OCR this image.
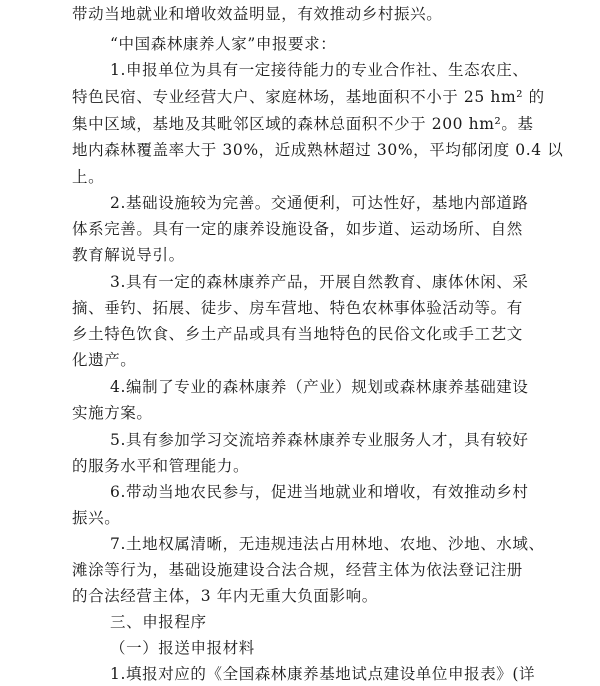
带动当地就业和增收效益明显，有效推动乡村振兴。
“中国森林康养人家”申报要求：
1.申报单位为具有一定接待能力的专业合作社、生态农庄、
特色民宿、专业经营大户、家庭林场，基地面积不小于 25 hm² 的
集中区域，基地及其毗邻区域的森林总面积不少于 200 hm²。基
地内森林覆盖率大于 30%，近成熟林超过 30%，平均郁闭度 0.4 以
上。
2.基础设施较为完善。交通便利，可达性好，基地内部道路
体系完善。具有一定的康养设施设备，如步道、运动场所、自然
教育解说导引。
3.具有一定的森林康养产品，开展自然教育、康体休闲、采
摘、垂钓、拓展、徒步、房车营地、特色农林事体验活动等。有
乡土特色饮食、乡土产品或具有当地特色的民俗文化或手工艺文
化遗产。
4.编制了专业的森林康养（产业）规划或森林康养基础建设
实施方案。
5.具有参加学习交流培养森林康养专业服务人才，具有较好
的服务水平和管理能力。
6.带动当地农民参与，促进当地就业和增收，有效推动乡村
振兴。
7.土地权属清晰，无违规违法占用林地、农地、沙地、水域、
滩涂等行为，基础设施建设合法合规，经营主体为依法登记注册
的合法经营主体，3 年内无重大负面影响。
三、申报程序
（一）报送申报材料
1.填报对应的《全国森林康养基地试点建设单位申报表》(详
